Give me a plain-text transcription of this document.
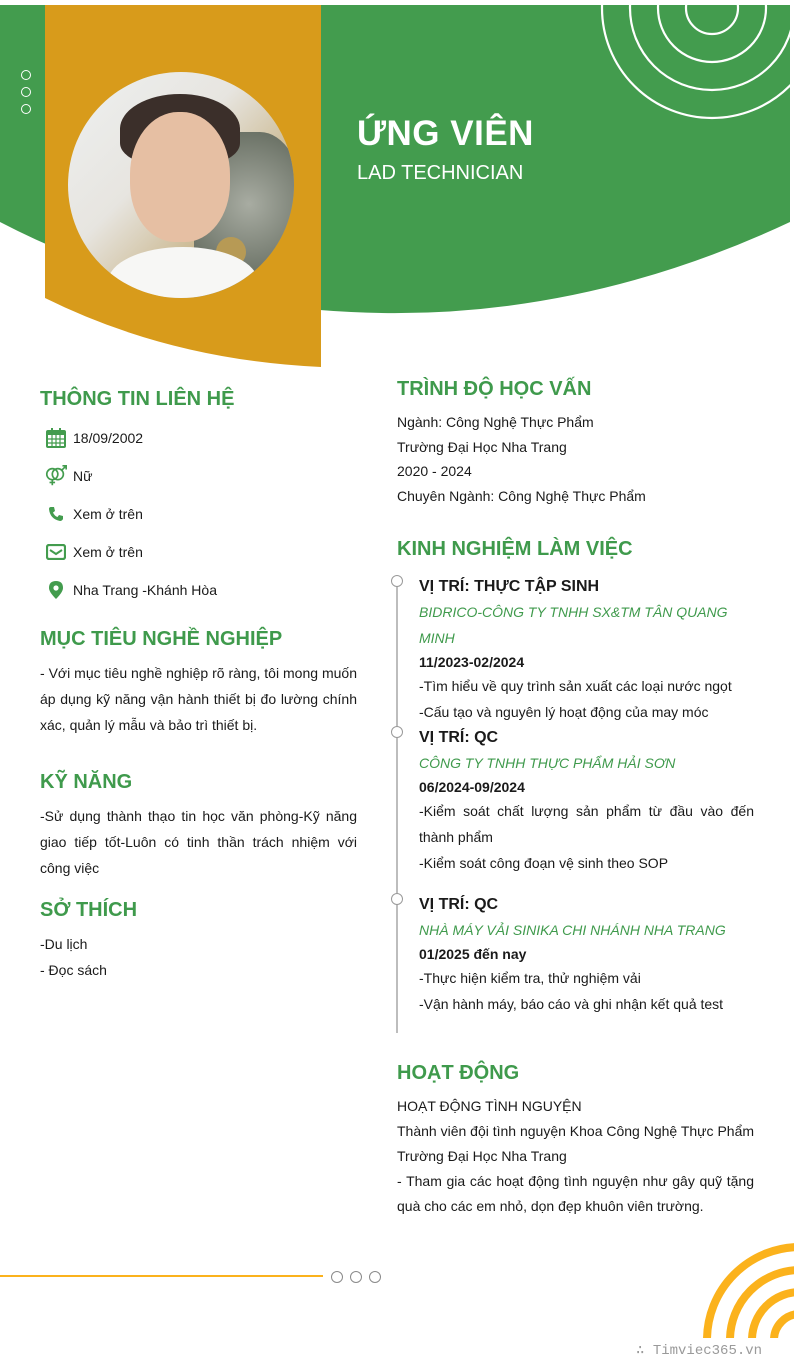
ỨNG VIÊN

LAD TECHNICIAN

THÔNG TIN LIÊN HỆ
18/09/2002
Nữ
Xem ở trên
Xem ở trên
Nha Trang -Khánh Hòa
MỤC TIÊU NGHỀ NGHIỆP

- Với mục tiêu nghề nghiệp rõ ràng, tôi mong muốn áp dụng kỹ năng vận hành thiết bị đo lường chính xác, quản lý mẫu và bảo trì thiết bị.

KỸ NĂNG

-Sử dụng thành thạo tin học văn phòng-Kỹ năng giao tiếp tốt-Luôn có tinh thần trách nhiệm với công việc

SỞ THÍCH
-Du lịch
- Đọc sách
TRÌNH ĐỘ HỌC VẤN
Ngành: Công Nghệ Thực Phẩm
Trường Đại Học Nha Trang
2020 - 2024
Chuyên Ngành: Công Nghệ Thực Phẩm
KINH NGHIỆM LÀM VIỆC

VỊ TRÍ: THỰC TẬP SINH

BIDRICO-CÔNG TY TNHH SX&TM TÂN QUANG MINH
11/2023-02/2024
-Tìm hiểu về quy trình sản xuất các loại nước ngọt
-Cấu tạo và nguyên lý hoạt động của may móc

VỊ TRÍ: QC

CÔNG TY TNHH THỰC PHẨM HẢI SƠN
06/2024-09/2024
-Kiểm soát chất lượng sản phẩm từ đầu vào đến thành phẩm
-Kiểm soát công đoạn vệ sinh theo SOP

VỊ TRÍ: QC

NHÀ MÁY VẢI SINIKA CHI NHÁNH NHA TRANG
01/2025 đến nay
-Thực hiện kiểm tra, thử nghiệm vải
-Vận hành máy, báo cáo và ghi nhận kết quả test
HOẠT ĐỘNG
HOẠT ĐỘNG TÌNH NGUYỆN
Thành viên đội tình nguyện Khoa Công Nghệ Thực Phẩm Trường Đại Học Nha Trang
- Tham gia các hoạt động tình nguyện như gây quỹ tặng quà cho các em nhỏ, dọn đẹp khuôn viên trường.
∴ Timviec365.vn
